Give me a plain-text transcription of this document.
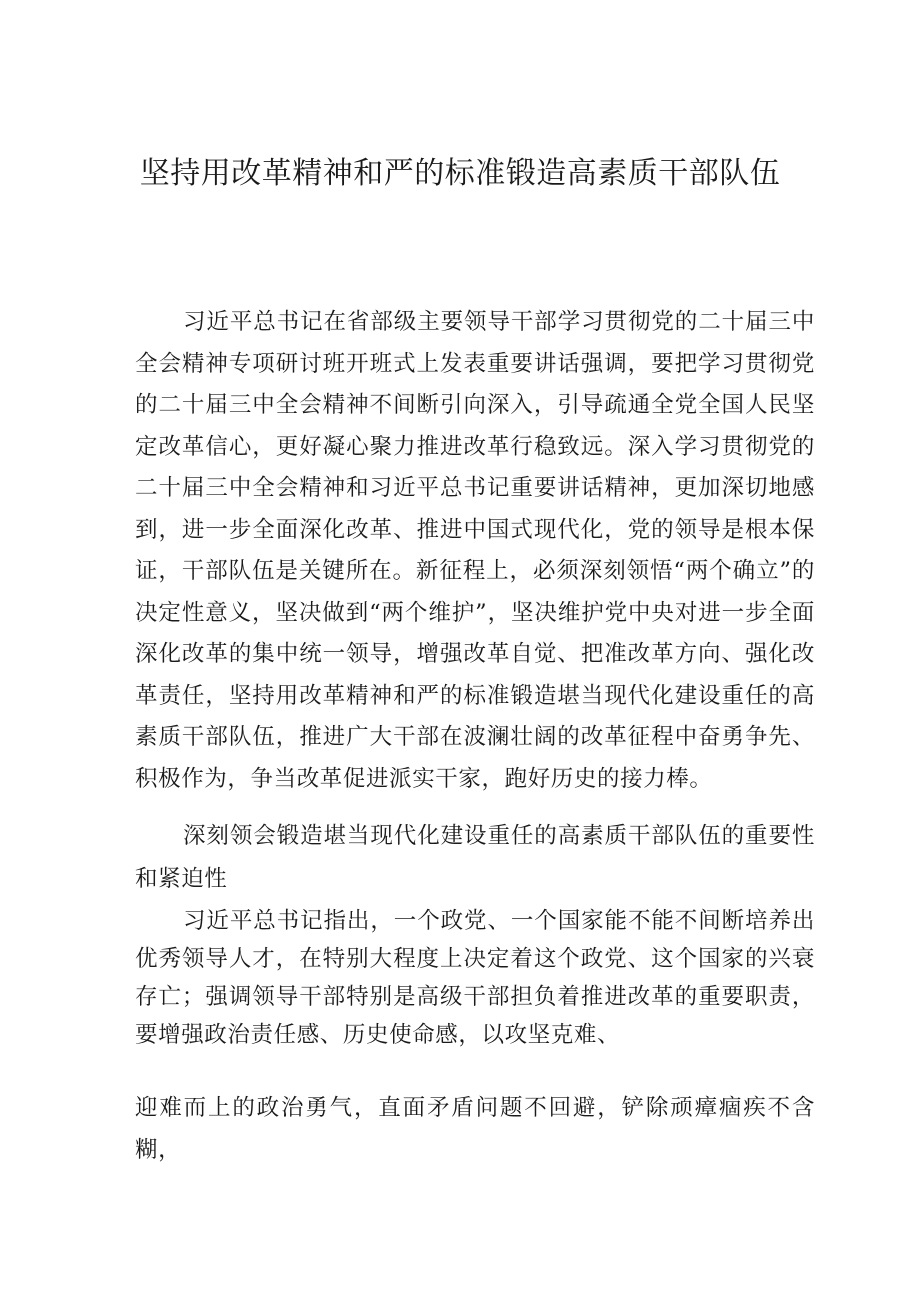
坚持用改革精神和严的标准锻造高素质干部队伍

习近平总书记在省部级主要领导干部学习贯彻党的二十届三中全会精神专项研讨班开班式上发表重要讲话强调，要把学习贯彻党的二十届三中全会精神不间断引向深入，引导疏通全党全国人民坚定改革信心，更好凝心聚力推进改革行稳致远。深入学习贯彻党的二十届三中全会精神和习近平总书记重要讲话精神，更加深切地感到，进一步全面深化改革、推进中国式现代化，党的领导是根本保证，干部队伍是关键所在。新征程上，必须深刻领悟“两个确立”的决定性意义，坚决做到“两个维护”，坚决维护党中央对进一步全面深化改革的集中统一领导，增强改革自觉、把准改革方向、强化改革责任，坚持用改革精神和严的标准锻造堪当现代化建设重任的高素质干部队伍，推进广大干部在波澜壮阔的改革征程中奋勇争先、积极作为，争当改革促进派实干家，跑好历史的接力棒。

深刻领会锻造堪当现代化建设重任的高素质干部队伍的重要性和紧迫性

习近平总书记指出，一个政党、一个国家能不能不间断培养出优秀领导人才，在特别大程度上决定着这个政党、这个国家的兴衰存亡；强调领导干部特别是高级干部担负着推进改革的重要职责，要增强政治责任感、历史使命感，以攻坚克难、

迎难而上的政治勇气，直面矛盾问题不回避，铲除顽瘴痼疾不含糊，
